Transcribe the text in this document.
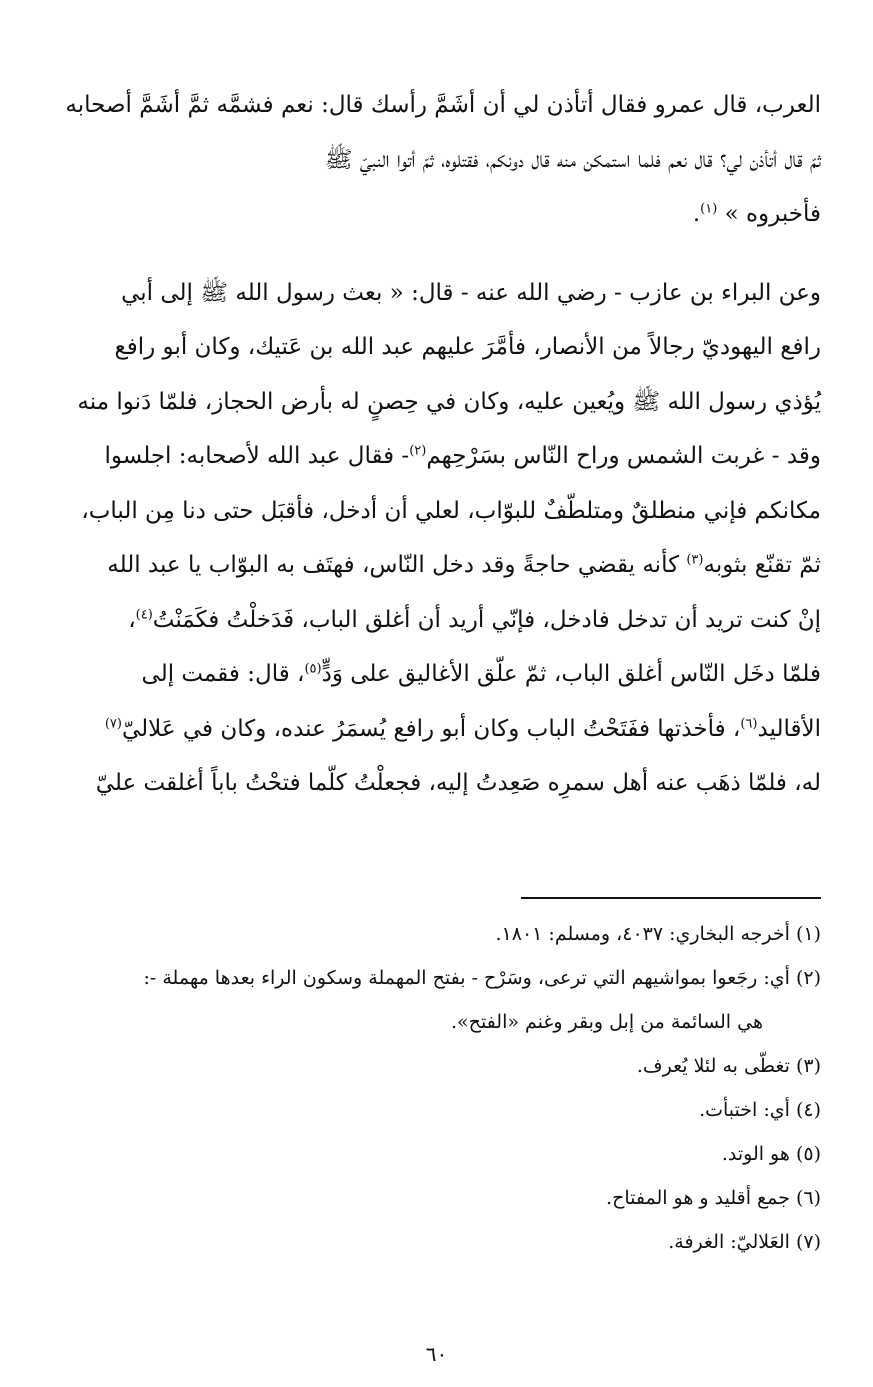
العرب، قال عمرو فقال أتأذن لي أن أشَمَّ رأسك قال: نعم فشمَّه ثمَّ أشَمَّ أصحابه
ثمّ قال أتأذن لي؟ قال نعم فلما استمكن منه قال دونكم، فقتلوه، ثمّ أتوا النبيّ ﷺ
فأخبروه » $^{(١)}$.

وعن البراء بن عازب - رضي الله عنه - قال: « بعث رسول الله ﷺ إلى أبي
رافع اليهوديّ رجالاً من الأنصار، فأمَّرَ عليهم عبد الله بن عَتيك، وكان أبو رافع
يُؤذي رسول الله ﷺ ويُعين عليه، وكان في حِصنٍ له بأرض الحجاز، فلمّا دَنوا منه
وقد - غربت الشمس وراح النّاس بسَرْحِهم$^{(٢)}$- فقال عبد الله لأصحابه: اجلسوا
مكانكم فإني منطلقٌ ومتلطّفٌ للبوّاب، لعلي أن أدخل، فأقبَل حتى دنا مِن الباب،
ثمّ تقنّع بثوبه$^{(٣)}$ كأنه يقضي حاجةً وقد دخل النّاس، فهتَف به البوّاب يا عبد الله
إنْ كنت تريد أن تدخل فادخل، فإنّي أريد أن أغلق الباب، فَدَخلْتُ فكَمَنْتُ$^{(٤)}$،
فلمّا دخَل النّاس أغلق الباب، ثمّ علّق الأغاليق على وَدٍّ$^{(٥)}$، قال: فقمت إلى
الأقاليد$^{(٦)}$، فأخذتها ففَتَحْتُ الباب وكان أبو رافع يُسمَرُ عنده، وكان في عَلاليّ$^{(٧)}$
له، فلمّا ذهَب عنه أهل سمرِه صَعِدتُ إليه، فجعلْتُ كلّما فتحْتُ باباً أغلقت عليّ

(١) أخرجه البخاري: ٤٠٣٧، ومسلم: ١٨٠١.

(٢) أي: رجَعوا بمواشيهم التي ترعى، وسَرْح - بفتح المهملة وسكون الراء بعدها مهملة -:
هي السائمة من إبل وبقر وغنم «الفتح».

(٣) تغطّى به لئلا يُعرف.

(٤) أي: اختبأت.

(٥) هو الوتد.

(٦) جمع أقليد و هو المفتاح.

(٧) العَلاليّ: الغرفة.

٦٠
